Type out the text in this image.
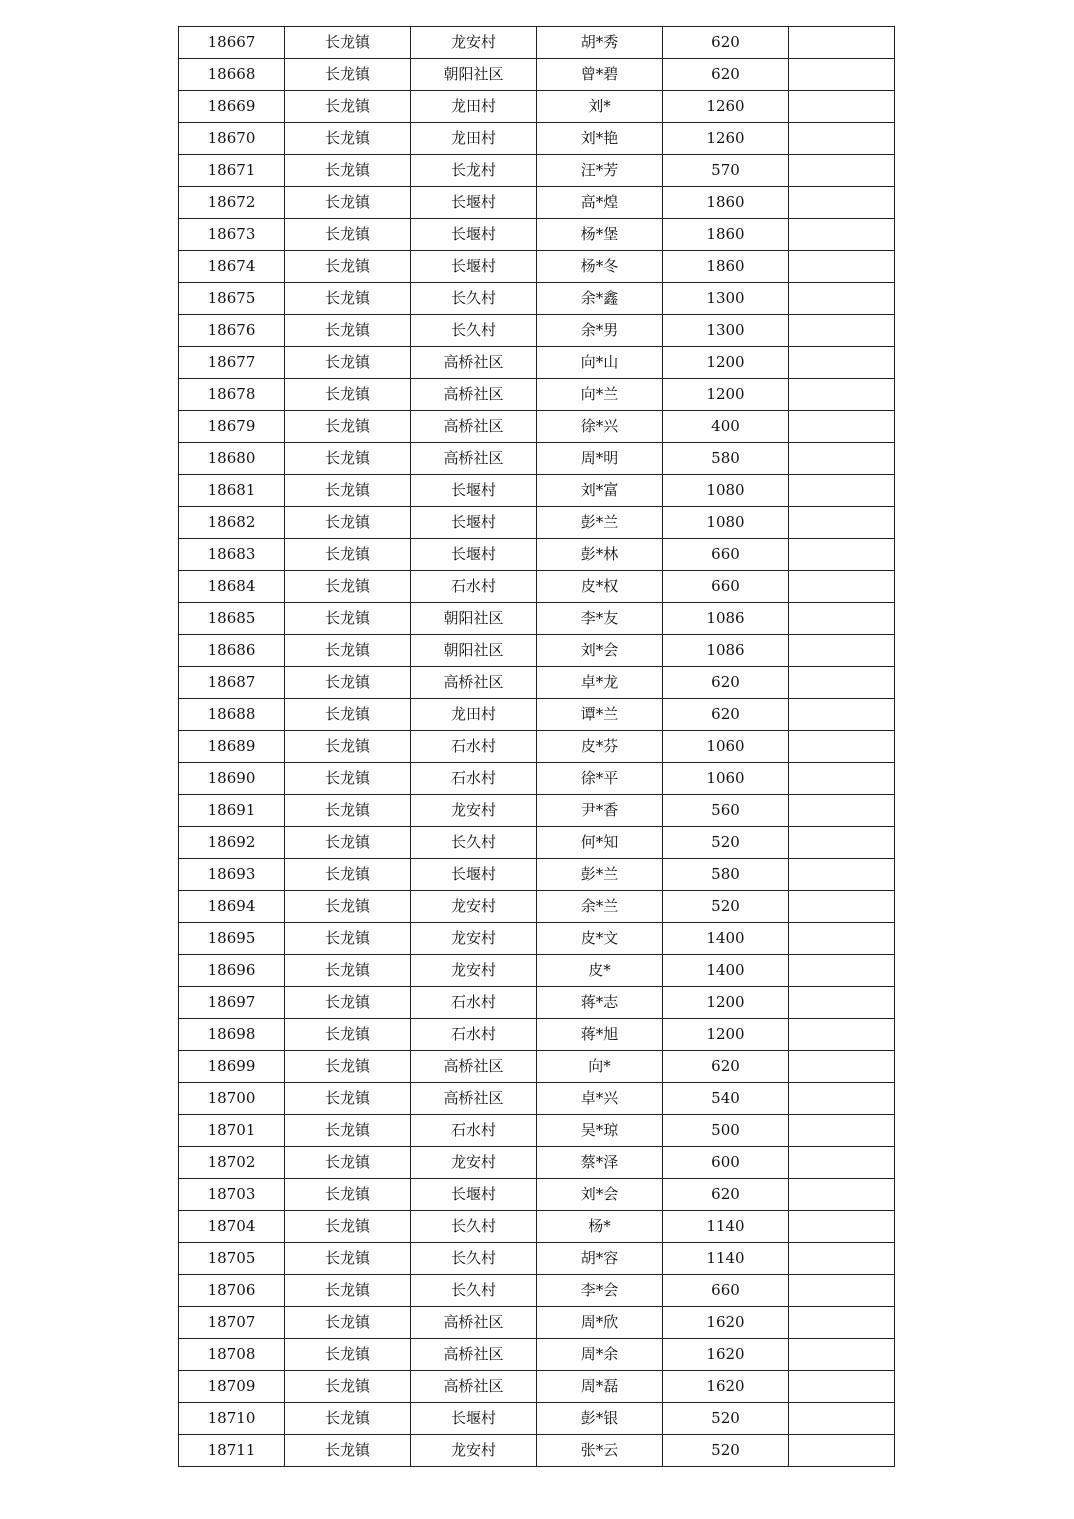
18667	长龙镇	龙安村	胡*秀	620	
18668	长龙镇	朝阳社区	曾*碧	620	
18669	长龙镇	龙田村	刘*	1260	
18670	长龙镇	龙田村	刘*艳	1260	
18671	长龙镇	长龙村	汪*芳	570	
18672	长龙镇	长堰村	高*煌	1860	
18673	长龙镇	长堰村	杨*堡	1860	
18674	长龙镇	长堰村	杨*冬	1860	
18675	长龙镇	长久村	余*鑫	1300	
18676	长龙镇	长久村	余*男	1300	
18677	长龙镇	高桥社区	向*山	1200	
18678	长龙镇	高桥社区	向*兰	1200	
18679	长龙镇	高桥社区	徐*兴	400	
18680	长龙镇	高桥社区	周*明	580	
18681	长龙镇	长堰村	刘*富	1080	
18682	长龙镇	长堰村	彭*兰	1080	
18683	长龙镇	长堰村	彭*林	660	
18684	长龙镇	石水村	皮*权	660	
18685	长龙镇	朝阳社区	李*友	1086	
18686	长龙镇	朝阳社区	刘*会	1086	
18687	长龙镇	高桥社区	卓*龙	620	
18688	长龙镇	龙田村	谭*兰	620	
18689	长龙镇	石水村	皮*芬	1060	
18690	长龙镇	石水村	徐*平	1060	
18691	长龙镇	龙安村	尹*香	560	
18692	长龙镇	长久村	何*知	520	
18693	长龙镇	长堰村	彭*兰	580	
18694	长龙镇	龙安村	余*兰	520	
18695	长龙镇	龙安村	皮*文	1400	
18696	长龙镇	龙安村	皮*	1400	
18697	长龙镇	石水村	蒋*志	1200	
18698	长龙镇	石水村	蒋*旭	1200	
18699	长龙镇	高桥社区	向*	620	
18700	长龙镇	高桥社区	卓*兴	540	
18701	长龙镇	石水村	吴*琼	500	
18702	长龙镇	龙安村	蔡*泽	600	
18703	长龙镇	长堰村	刘*会	620	
18704	长龙镇	长久村	杨*	1140	
18705	长龙镇	长久村	胡*容	1140	
18706	长龙镇	长久村	李*会	660	
18707	长龙镇	高桥社区	周*欣	1620	
18708	长龙镇	高桥社区	周*余	1620	
18709	长龙镇	高桥社区	周*磊	1620	
18710	长龙镇	长堰村	彭*银	520	
18711	长龙镇	龙安村	张*云	520	
